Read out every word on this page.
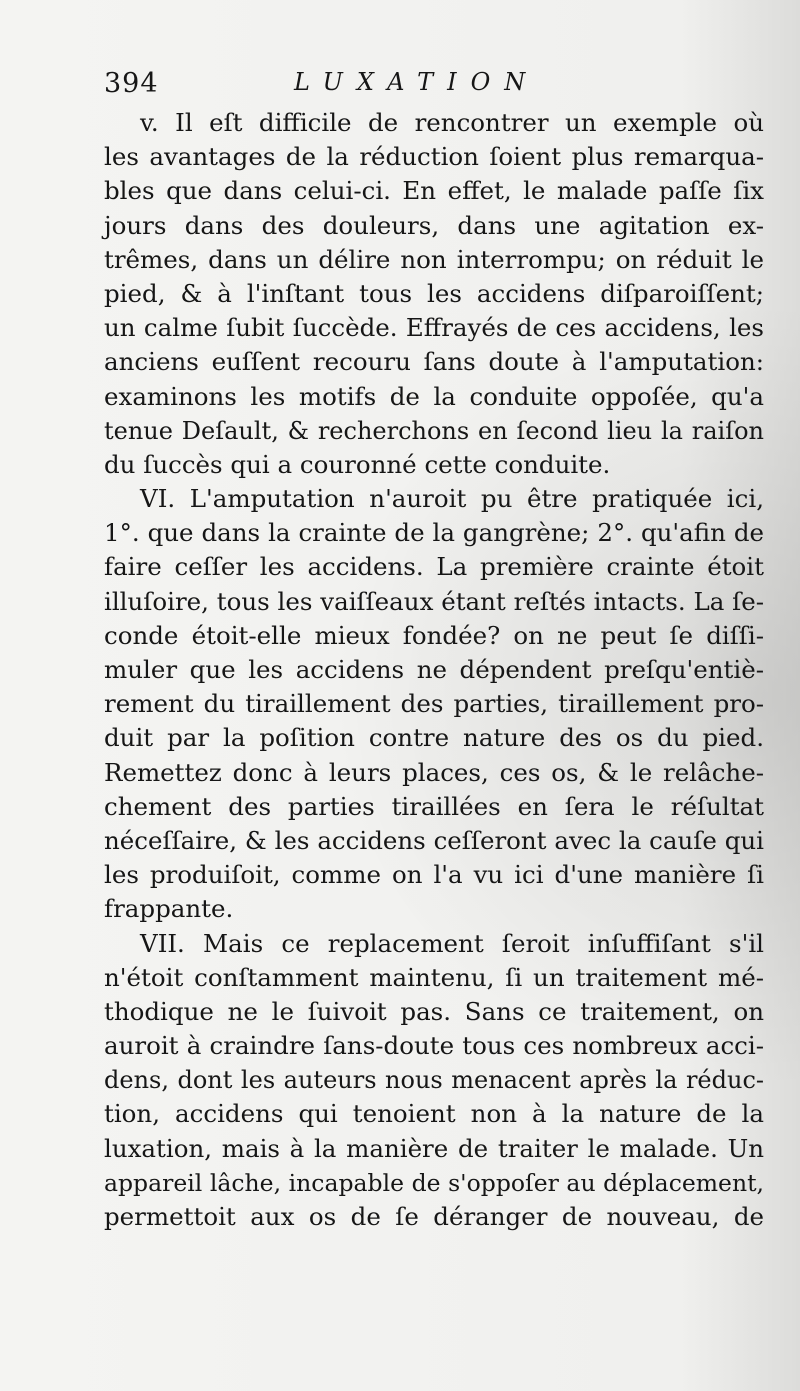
394	LUXATION
v. Il eſt difficile de rencontrer un exemple où
les avantages de la réduction ſoient plus remarqua-
bles que dans celui-ci. En effet, le malade paſſe ſix
jours dans des douleurs, dans une agitation ex-
trêmes, dans un délire non interrompu; on réduit le
pied, & à l'inſtant tous les accidens diſparoiſſent;
un calme ſubit ſuccède. Effrayés de ces accidens, les
anciens euſſent recouru ſans doute à l'amputation:
examinons les motifs de la conduite oppoſée, qu'a
tenue Deſault, & recherchons en ſecond lieu la raiſon
du ſuccès qui a couronné cette conduite.
VI. L'amputation n'auroit pu être pratiquée ici,
1°. que dans la crainte de la gangrène; 2°. qu'afin de
faire ceſſer les accidens. La première crainte étoit
illuſoire, tous les vaiſſeaux étant reſtés intacts. La ſe-
conde étoit-elle mieux fondée? on ne peut ſe diſſi-
muler que les accidens ne dépendent preſqu'entiè-
rement du tiraillement des parties, tiraillement pro-
duit par la poſition contre nature des os du pied.
Remettez donc à leurs places, ces os, & le relâche-
chement des parties tiraillées en ſera le réſultat
néceſſaire, & les accidens ceſſeront avec la cauſe qui
les produiſoit, comme on l'a vu ici d'une manière ſi
frappante.
VII. Mais ce replacement ſeroit inſuffiſant s'il
n'étoit conſtamment maintenu, ſi un traitement mé-
thodique ne le ſuivoit pas. Sans ce traitement, on
auroit à craindre ſans-doute tous ces nombreux acci-
dens, dont les auteurs nous menacent après la réduc-
tion, accidens qui tenoient non à la nature de la
luxation, mais à la manière de traiter le malade. Un
appareil lâche, incapable de s'oppoſer au déplacement,
permettoit aux os de ſe déranger de nouveau, de
